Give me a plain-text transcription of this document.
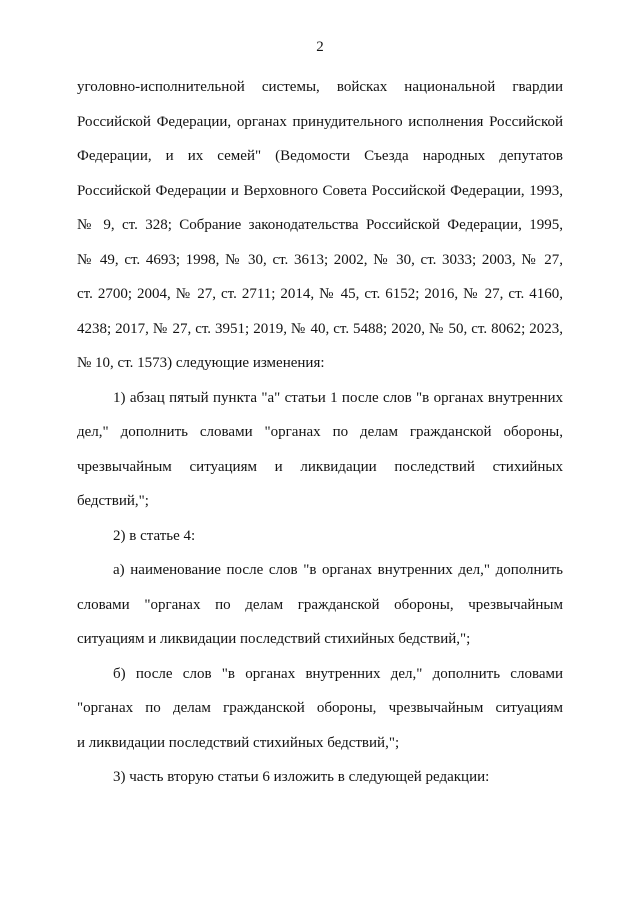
2
уголовно-исполнительной системы, войсках национальной гвардии
Российской Федерации, органах принудительного исполнения Российской
Федерации, и их семей" (Ведомости Съезда народных депутатов
Российской Федерации и Верховного Совета Российской Федерации, 1993,
№ 9, ст. 328; Собрание законодательства Российской Федерации, 1995,
№ 49, ст. 4693; 1998, № 30, ст. 3613; 2002, № 30, ст. 3033; 2003, № 27,
ст. 2700; 2004, № 27, ст. 2711; 2014, № 45, ст. 6152; 2016, № 27, ст. 4160,
4238; 2017, № 27, ст. 3951; 2019, № 40, ст. 5488; 2020, № 50, ст. 8062; 2023,
№ 10, ст. 1573) следующие изменения:
1) абзац пятый пункта "а" статьи 1 после слов "в органах внутренних
дел," дополнить словами "органах по делам гражданской обороны,
чрезвычайным ситуациям и ликвидации последствий стихийных
бедствий,";
2) в статье 4:
а) наименование после слов "в органах внутренних дел," дополнить
словами "органах по делам гражданской обороны, чрезвычайным
ситуациям и ликвидации последствий стихийных бедствий,";
б) после слов "в органах внутренних дел," дополнить словами
"органах по делам гражданской обороны, чрезвычайным ситуациям
и ликвидации последствий стихийных бедствий,";
3) часть вторую статьи 6 изложить в следующей редакции:
